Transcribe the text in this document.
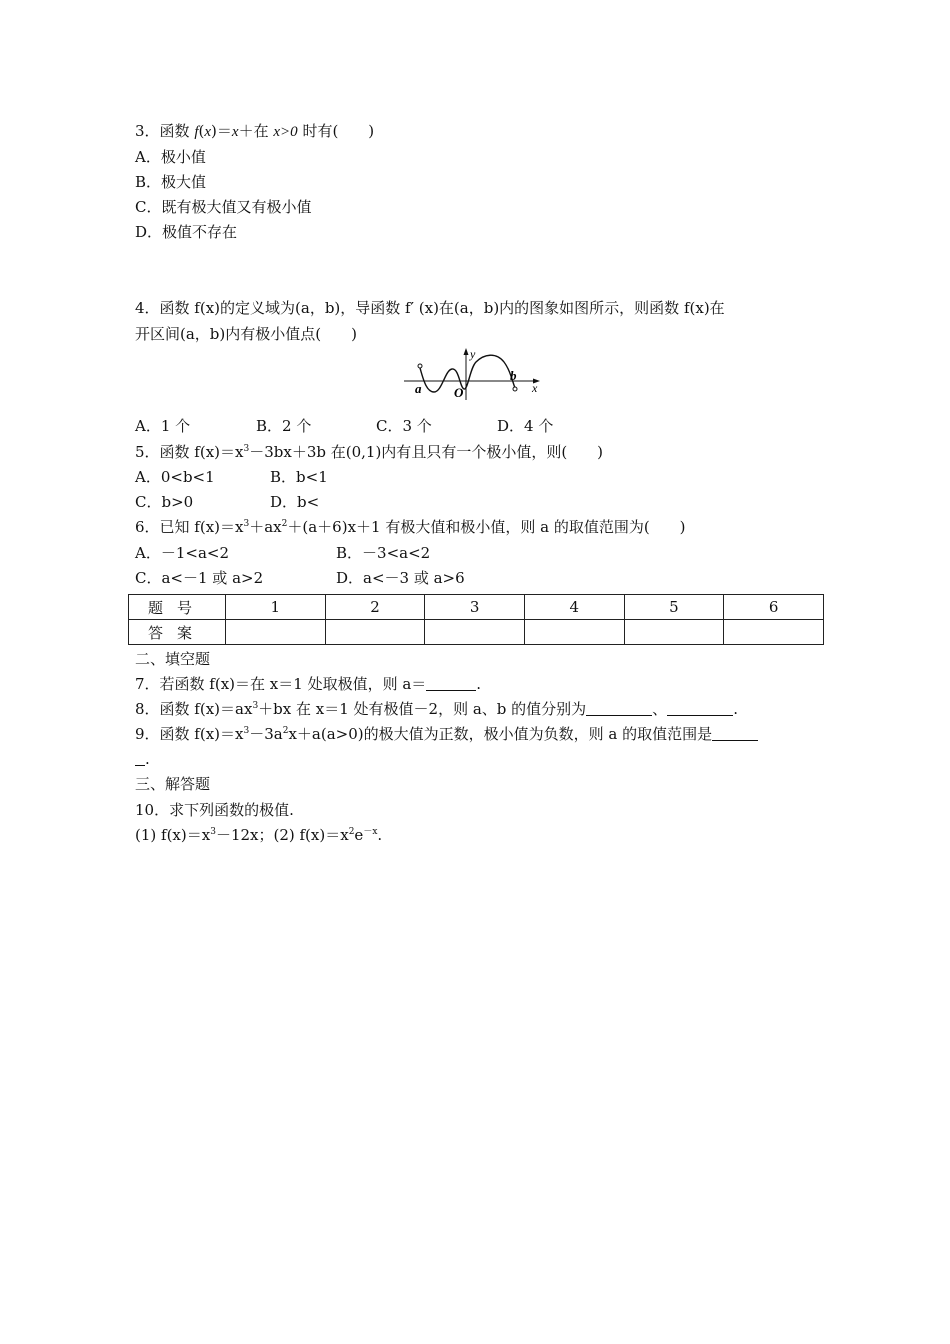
3．函数 f(x)＝x＋在 x>0 时有(　　)
A．极小值
B．极大值
C．既有极大值又有极小值
D．极值不存在
4．函数 f(x)的定义域为(a，b)，导函数 f′ (x)在(a，b)内的图象如图所示，则函数 f(x)在
开区间(a，b)内有极小值点(　　)
a
b
O	x
y
A．1 个	B．2 个	C．3 个	D．4 个
5．函数 $f(x)=x^3-3bx+3b$ 在(0,1)内有且只有一个极小值，则(　　)
A．0<b<1	B．b<1
C．b>0	D．b<
6．已知 $f(x)=x^3+ax^2+(a+6)x+1$ 有极大值和极小值，则 a 的取值范围为(　　)
A．－1<a<2	B．－3<a<2
C．a<－1 或 a>2	D．a<－3 或 a>6
题号	1	2	3	4	5	6
答案						
二、填空题
7．若函数 f(x)＝在 x＝1 处取极值，则 a＝	.
8．函数 $f(x)=ax^3+bx$ 在 x＝1 处有极值－2，则 a、b 的值分别为	、	.
9．函数 $f(x)=x^3-3a^2x+a(a>0)$的极大值为正数，极小值为负数，则 a 的取值范围是
.
三、解答题
10．求下列函数的极值.
(1) $f(x)=x^3-12x$；(2) $f(x)=x^2e^{-x}$.
